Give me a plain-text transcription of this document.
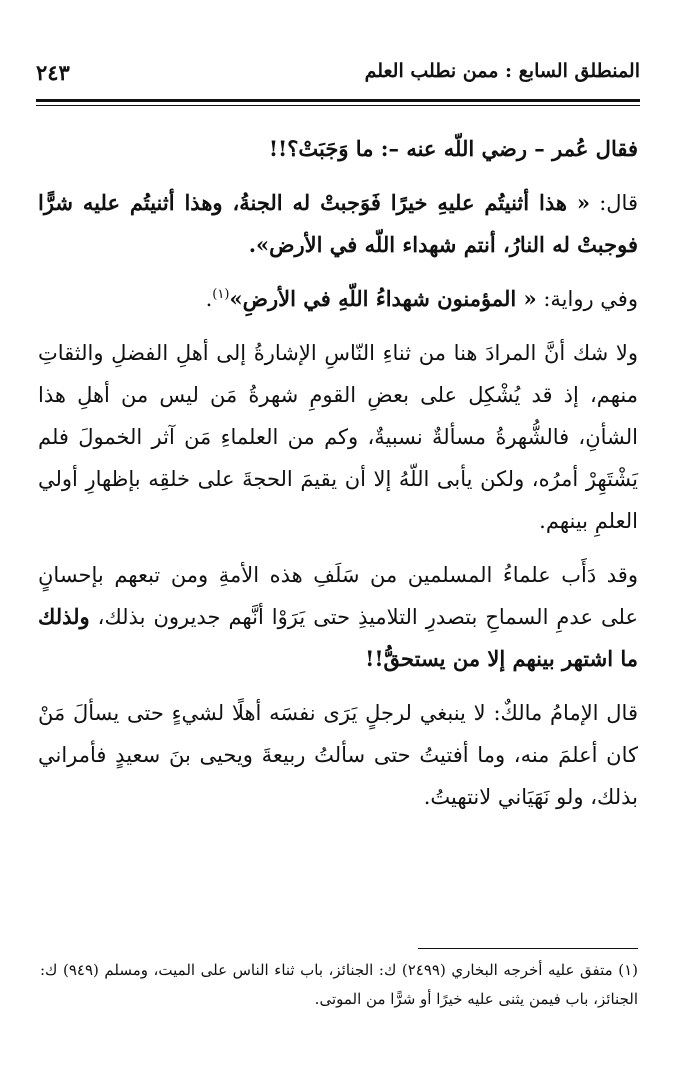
المنطلق السابع : ممن نطلب العلم
٢٤٣

فقال عُمر – رضي اللّه عنه –: ما وَجَبَتْ؟!!

قال: « هذا أثنيتُم عليهِ خيرًا فَوَجبتْ له الجنةُ، وهذا أثنيتُم عليه شرًّا فوجبتْ له النارُ، أنتم شهداء اللّه في الأرض».

وفي رواية: « المؤمنون شهداءُ اللّهِ في الأرضِ»$^{(١)}$.

ولا شك أنَّ المرادَ هنا من ثناءِ النّاسِ الإشارةُ إلى أهلِ الفضلِ والثقاتِ منهم، إذ قد يُشْكِل على بعضِ القومِ شهرةُ مَن ليس من أهلِ هذا الشأنِ، فالشُّهرةُ مسألةٌ نسبيةٌ، وكم من العلماءِ مَن آثر الخمولَ فلم يَشْتَهِرْ أمرُه، ولكن يأبى اللّهُ إلا أن يقيمَ الحجةَ على خلقِه بإظهارِ أولي العلمِ بينهم.

وقد دَأَب علماءُ المسلمين من سَلَفِ هذه الأمةِ ومن تبعهم بإحسانٍ على عدمِ السماحِ بتصدرِ التلاميذِ حتى يَرَوْا أنَّهم جديرون بذلك، ولذلك ما اشتهر بينهم إلا من يستحقُّ!!

قال الإمامُ مالكٌ: لا ينبغي لرجلٍ يَرَى نفسَه أهلًا لشيءٍ حتى يسألَ مَنْ كان أعلمَ منه، وما أفتيتُ حتى سألتُ ربيعةَ ويحيى بنَ سعيدٍ فأمراني بذلك، ولو نَهَيَاني لانتهيتُ.

(١) متفق عليه أخرجه البخاري (٢٤٩٩) ك: الجنائز، باب ثناء الناس على الميت، ومسلم (٩٤٩) ك: الجنائز، باب فيمن يثنى عليه خيرًا أو شرًّا من الموتى.
